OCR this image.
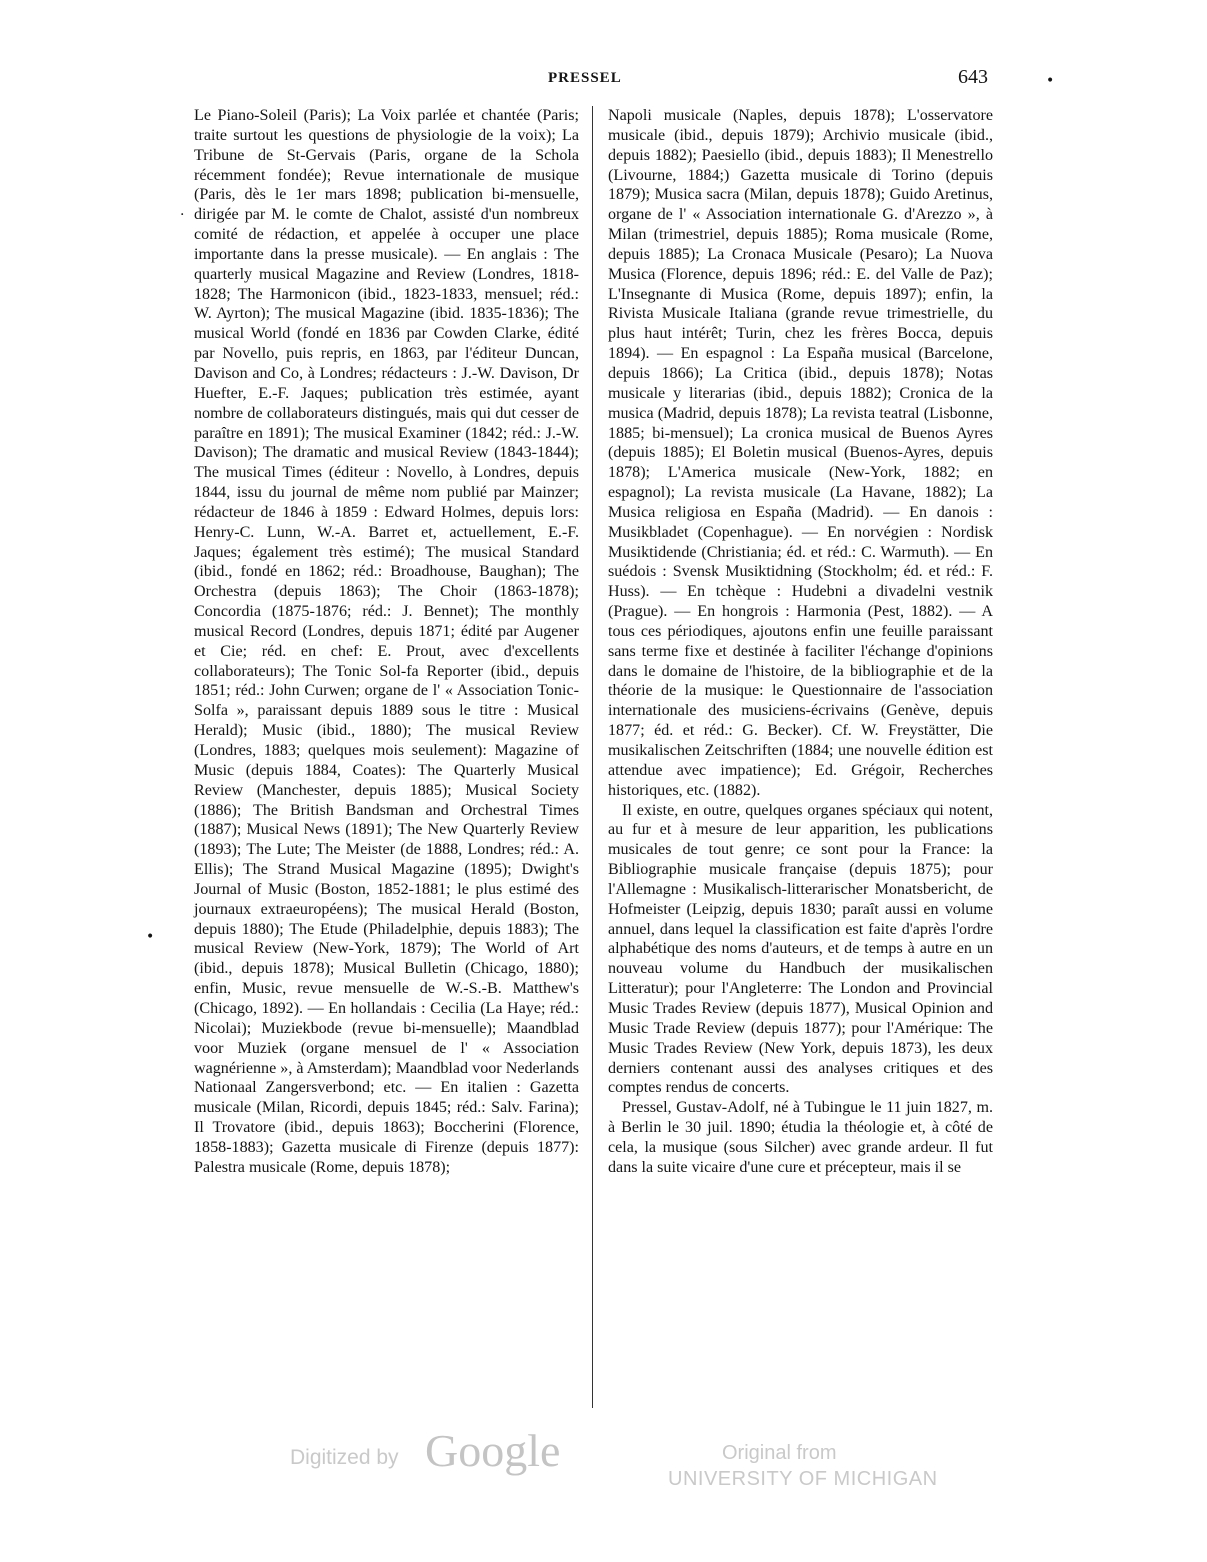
PRESSEL	643	•
·
•

Le Piano-Soleil (Paris); La Voix parlée et chantée (Paris; traite surtout les questions de physiologie de la voix); La Tribune de St-Gervais (Paris, organe de la Schola récemment fondée); Revue internationale de musique (Paris, dès le 1er mars 1898; publication bi-mensuelle, dirigée par M. le comte de Chalot, assisté d'un nombreux comité de rédaction, et appelée à occuper une place importante dans la presse musicale). — En anglais : The quarterly musical Magazine and Review (Londres, 1818-1828; The Harmonicon (ibid., 1823-1833, mensuel; réd.: W. Ayrton); The musical Magazine (ibid. 1835-1836); The musical World (fondé en 1836 par Cowden Clarke, édité par Novello, puis repris, en 1863, par l'éditeur Duncan, Davison and Co, à Londres; rédacteurs : J.-W. Davison, Dr Huefter, E.-F. Jaques; publication très estimée, ayant nombre de collaborateurs distingués, mais qui dut cesser de paraître en 1891); The musical Examiner (1842; réd.: J.-W. Davison); The dramatic and musical Review (1843-1844); The musical Times (éditeur : Novello, à Londres, depuis 1844, issu du journal de même nom publié par Mainzer; rédacteur de 1846 à 1859 : Edward Holmes, depuis lors: Henry-C. Lunn, W.-A. Barret et, actuellement, E.-F. Jaques; également très estimé); The musical Standard (ibid., fondé en 1862; réd.: Broadhouse, Baughan); The Orchestra (depuis 1863); The Choir (1863-1878); Concordia (1875-1876; réd.: J. Bennet); The monthly musical Record (Londres, depuis 1871; édité par Augener et Cie; réd. en chef: E. Prout, avec d'excellents collaborateurs); The Tonic Sol-fa Reporter (ibid., depuis 1851; réd.: John Curwen; organe de l' « Association Tonic-Solfa », paraissant depuis 1889 sous le titre : Musical Herald); Music (ibid., 1880); The musical Review (Londres, 1883; quelques mois seulement): Magazine of Music (depuis 1884, Coates): The Quarterly Musical Review (Manchester, depuis 1885); Musical Society (1886); The British Bandsman and Orchestral Times (1887); Musical News (1891); The New Quarterly Review (1893); The Lute; The Meister (de 1888, Londres; réd.: A. Ellis); The Strand Musical Magazine (1895); Dwight's Journal of Music (Boston, 1852-1881; le plus estimé des journaux extraeuropéens); The musical Herald (Boston, depuis 1880); The Etude (Philadelphie, depuis 1883); The musical Review (New-York, 1879); The World of Art (ibid., depuis 1878); Musical Bulletin (Chicago, 1880); enfin, Music, revue mensuelle de W.-S.-B. Matthew's (Chicago, 1892). — En hollandais : Cecilia (La Haye; réd.: Nicolai); Muziekbode (revue bi-mensuelle); Maandblad voor Muziek (organe mensuel de l' « Association wagnérienne », à Amsterdam); Maandblad voor Nederlands Nationaal Zangersverbond; etc. — En italien : Gazetta musicale (Milan, Ricordi, depuis 1845; réd.: Salv. Farina); Il Trovatore (ibid., depuis 1863); Boccherini (Florence, 1858-1883); Gazetta musicale di Firenze (depuis 1877): Palestra musicale (Rome, depuis 1878);

Napoli musicale (Naples, depuis 1878); L'osservatore musicale (ibid., depuis 1879); Archivio musicale (ibid., depuis 1882); Paesiello (ibid., depuis 1883); Il Menestrello (Livourne, 1884;) Gazetta musicale di Torino (depuis 1879); Musica sacra (Milan, depuis 1878); Guido Aretinus, organe de l' « Association internationale G. d'Arezzo », à Milan (trimestriel, depuis 1885); Roma musicale (Rome, depuis 1885); La Cronaca Musicale (Pesaro); La Nuova Musica (Florence, depuis 1896; réd.: E. del Valle de Paz); L'Insegnante di Musica (Rome, depuis 1897); enfin, la Rivista Musicale Italiana (grande revue trimestrielle, du plus haut intérêt; Turin, chez les frères Bocca, depuis 1894). — En espagnol : La España musical (Barcelone, depuis 1866); La Critica (ibid., depuis 1878); Notas musicale y literarias (ibid., depuis 1882); Cronica de la musica (Madrid, depuis 1878); La revista teatral (Lisbonne, 1885; bi-mensuel); La cronica musical de Buenos Ayres (depuis 1885); El Boletin musical (Buenos-Ayres, depuis 1878); L'America musicale (New-York, 1882; en espagnol); La revista musicale (La Havane, 1882); La Musica religiosa en España (Madrid). — En danois : Musikbladet (Copenhague). — En norvégien : Nordisk Musiktidende (Christiania; éd. et réd.: C. Warmuth). — En suédois : Svensk Musiktidning (Stockholm; éd. et réd.: F. Huss). — En tchèque : Hudebni a divadelni vestnik (Prague). — En hongrois : Harmonia (Pest, 1882). — A tous ces périodiques, ajoutons enfin une feuille paraissant sans terme fixe et destinée à faciliter l'échange d'opinions dans le domaine de l'histoire, de la bibliographie et de la théorie de la musique: le Questionnaire de l'association internationale des musiciens-écrivains (Genève, depuis 1877; éd. et réd.: G. Becker). Cf. W. Freystätter, Die musikalischen Zeitschriften (1884; une nouvelle édition est attendue avec impatience); Ed. Grégoir, Recherches historiques, etc. (1882).

Il existe, en outre, quelques organes spéciaux qui notent, au fur et à mesure de leur apparition, les publications musicales de tout genre; ce sont pour la France: la Bibliographie musicale française (depuis 1875); pour l'Allemagne : Musikalisch-litterarischer Monatsbericht, de Hofmeister (Leipzig, depuis 1830; paraît aussi en volume annuel, dans lequel la classification est faite d'après l'ordre alphabétique des noms d'auteurs, et de temps à autre en un nouveau volume du Handbuch der musikalischen Litteratur); pour l'Angleterre: The London and Provincial Music Trades Review (depuis 1877), Musical Opinion and Music Trade Review (depuis 1877); pour l'Amérique: The Music Trades Review (New York, depuis 1873), les deux derniers contenant aussi des analyses critiques et des comptes rendus de concerts.

Pressel, Gustav-Adolf, né à Tubingue le 11 juin 1827, m. à Berlin le 30 juil. 1890; étudia la théologie et, à côté de cela, la musique (sous Silcher) avec grande ardeur. Il fut dans la suite vicaire d'une cure et précepteur, mais il se

Digitized by Google	Original from
UNIVERSITY OF MICHIGAN
